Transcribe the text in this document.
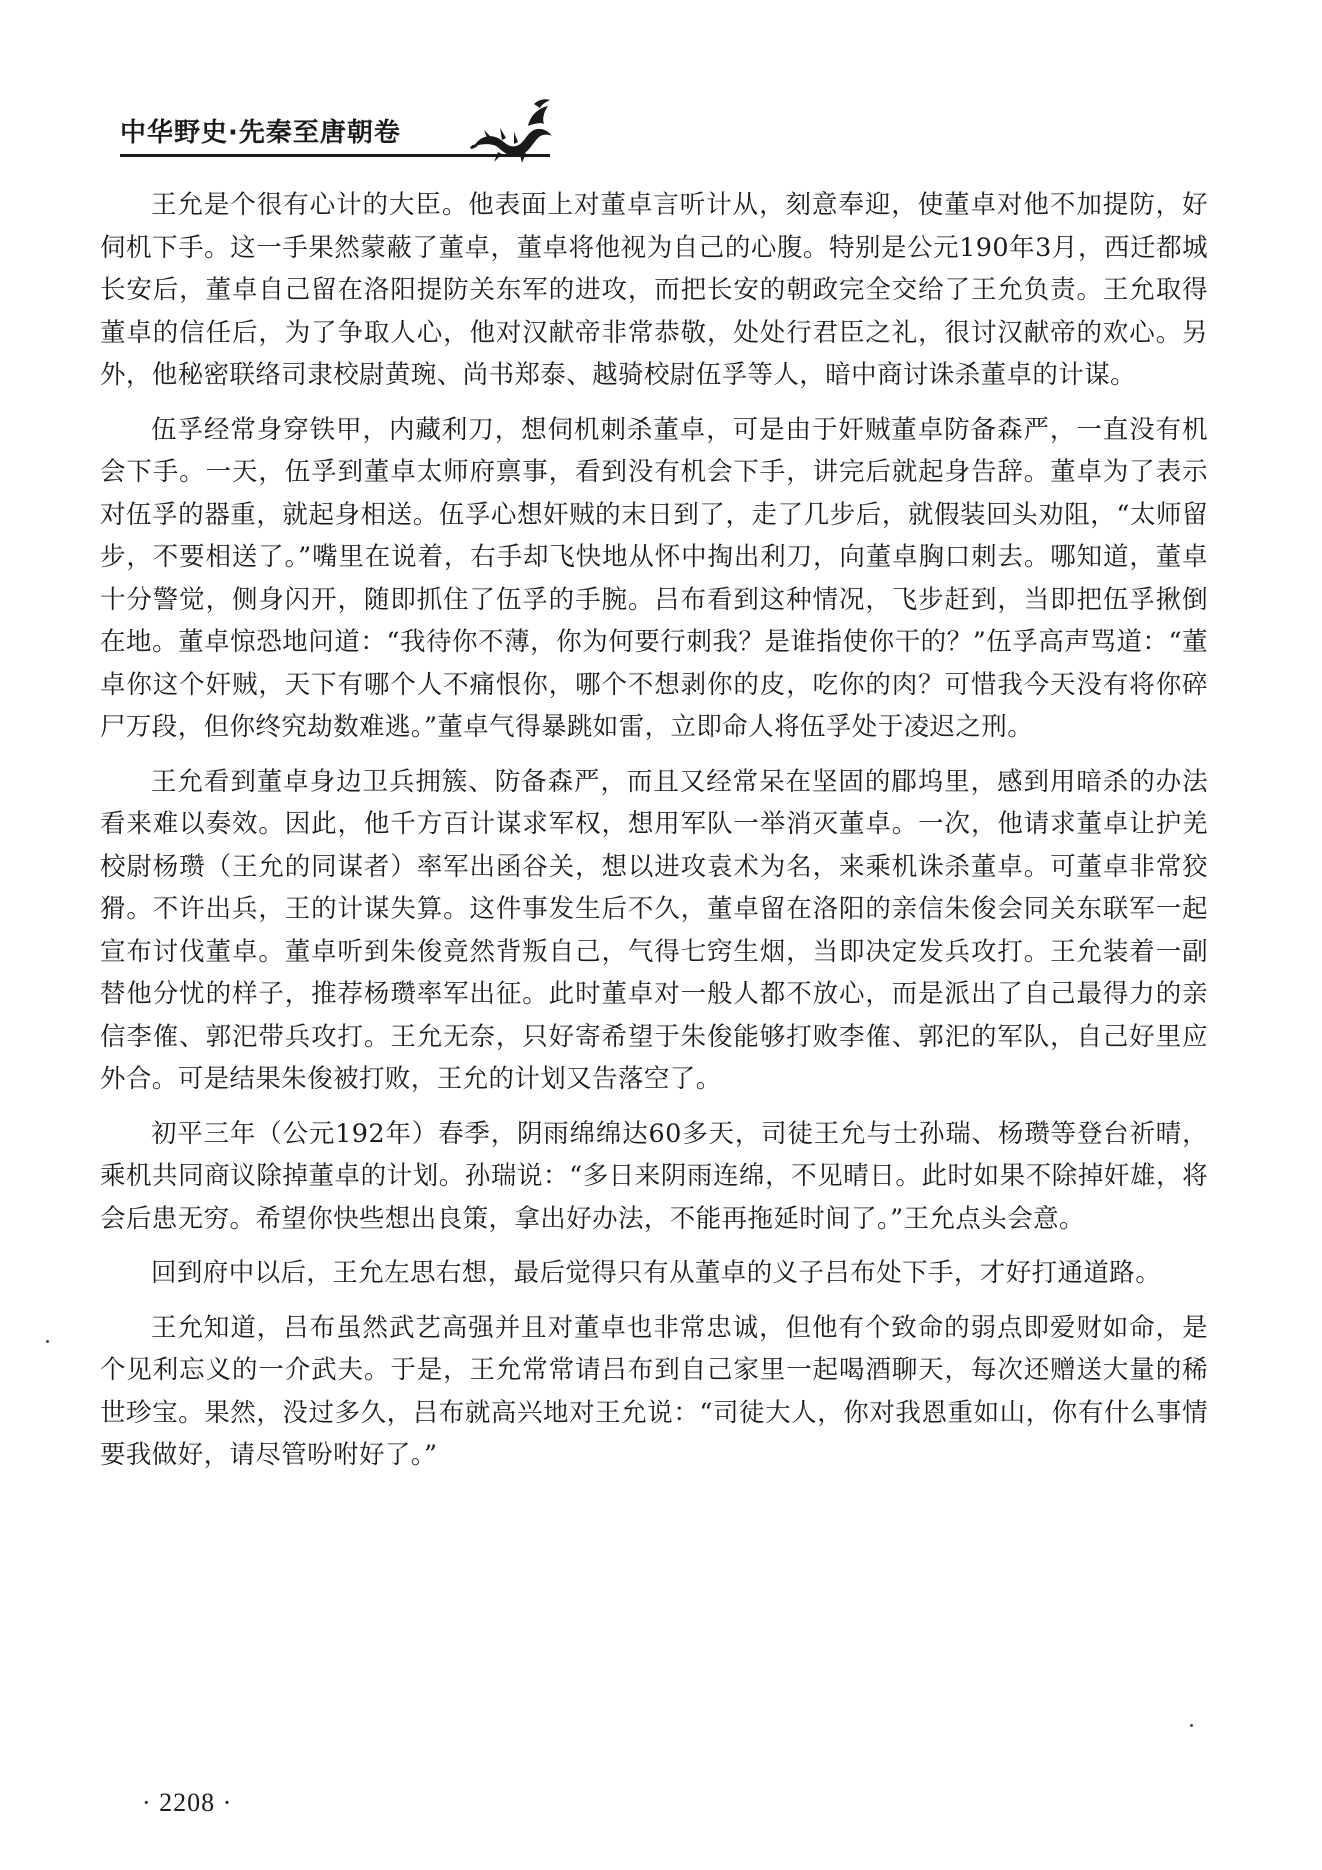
中华野史·先秦至唐朝卷

王允是个很有心计的大臣。他表面上对董卓言听计从，刻意奉迎，使董卓对他不加提防，好伺机下手。这一手果然蒙蔽了董卓，董卓将他视为自己的心腹。特别是公元190年3月，西迁都城长安后，董卓自己留在洛阳提防关东军的进攻，而把长安的朝政完全交给了王允负责。王允取得董卓的信任后，为了争取人心，他对汉献帝非常恭敬，处处行君臣之礼，很讨汉献帝的欢心。另外，他秘密联络司隶校尉黄琬、尚书郑泰、越骑校尉伍孚等人，暗中商讨诛杀董卓的计谋。

伍孚经常身穿铁甲，内藏利刀，想伺机刺杀董卓，可是由于奸贼董卓防备森严，一直没有机会下手。一天，伍孚到董卓太师府禀事，看到没有机会下手，讲完后就起身告辞。董卓为了表示对伍孚的器重，就起身相送。伍孚心想奸贼的末日到了，走了几步后，就假装回头劝阻，“太师留步，不要相送了。”嘴里在说着，右手却飞快地从怀中掏出利刀，向董卓胸口刺去。哪知道，董卓十分警觉，侧身闪开，随即抓住了伍孚的手腕。吕布看到这种情况，飞步赶到，当即把伍孚揪倒在地。董卓惊恐地问道：“我待你不薄，你为何要行刺我？是谁指使你干的？”伍孚高声骂道：“董卓你这个奸贼，天下有哪个人不痛恨你，哪个不想剥你的皮，吃你的肉？可惜我今天没有将你碎尸万段，但你终究劫数难逃。”董卓气得暴跳如雷，立即命人将伍孚处于凌迟之刑。

王允看到董卓身边卫兵拥簇、防备森严，而且又经常呆在坚固的郿坞里，感到用暗杀的办法看来难以奏效。因此，他千方百计谋求军权，想用军队一举消灭董卓。一次，他请求董卓让护羌校尉杨瓒（王允的同谋者）率军出函谷关，想以进攻袁术为名，来乘机诛杀董卓。可董卓非常狡猾。不许出兵，王的计谋失算。这件事发生后不久，董卓留在洛阳的亲信朱俊会同关东联军一起宣布讨伐董卓。董卓听到朱俊竟然背叛自己，气得七窍生烟，当即决定发兵攻打。王允装着一副替他分忧的样子，推荐杨瓒率军出征。此时董卓对一般人都不放心，而是派出了自己最得力的亲信李傕、郭汜带兵攻打。王允无奈，只好寄希望于朱俊能够打败李傕、郭汜的军队，自己好里应外合。可是结果朱俊被打败，王允的计划又告落空了。

初平三年（公元192年）春季，阴雨绵绵达60多天，司徒王允与士孙瑞、杨瓒等登台祈晴，乘机共同商议除掉董卓的计划。孙瑞说：“多日来阴雨连绵，不见晴日。此时如果不除掉奸雄，将会后患无穷。希望你快些想出良策，拿出好办法，不能再拖延时间了。”王允点头会意。

回到府中以后，王允左思右想，最后觉得只有从董卓的义子吕布处下手，才好打通道路。

王允知道，吕布虽然武艺高强并且对董卓也非常忠诚，但他有个致命的弱点即爱财如命，是个见利忘义的一介武夫。于是，王允常常请吕布到自己家里一起喝酒聊天，每次还赠送大量的稀世珍宝。果然，没过多久，吕布就高兴地对王允说：“司徒大人，你对我恩重如山，你有什么事情要我做好，请尽管吩咐好了。”

· 2208 ·
